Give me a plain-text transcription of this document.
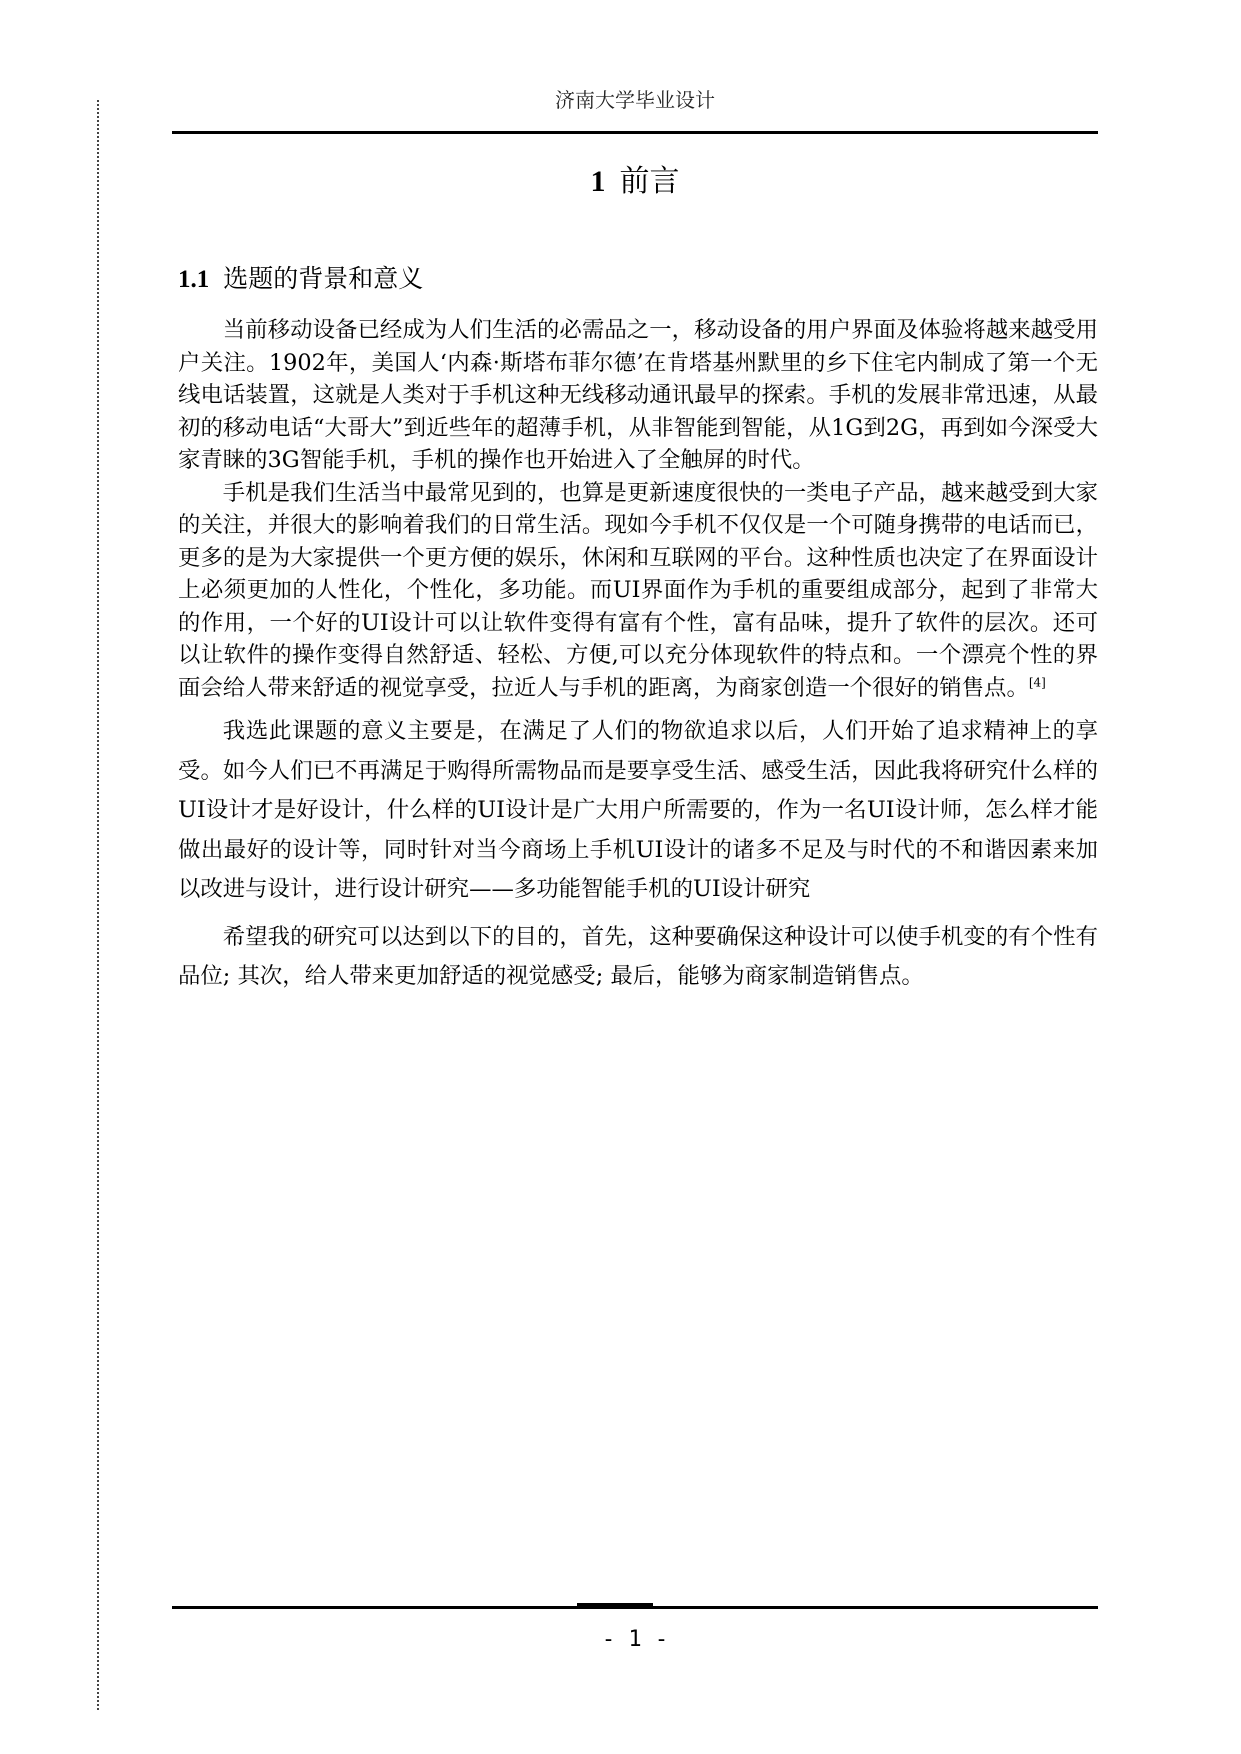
济南大学毕业设计
1 前言
1.1 选题的背景和意义

当前移动设备已经成为人们生活的必需品之一，移动设备的用户界面及体验将越来越受用户关注。1902年，美国人‘内森·斯塔布菲尔德’在肯塔基州默里的乡下住宅内制成了第一个无线电话装置，这就是人类对于手机这种无线移动通讯最早的探索。手机的发展非常迅速，从最初的移动电话“大哥大”到近些年的超薄手机，从非智能到智能，从1G到2G，再到如今深受大家青睐的3G智能手机，手机的操作也开始进入了全触屏的时代。

手机是我们生活当中最常见到的，也算是更新速度很快的一类电子产品，越来越受到大家的关注，并很大的影响着我们的日常生活。现如今手机不仅仅是一个可随身携带的电话而已，更多的是为大家提供一个更方便的娱乐，休闲和互联网的平台。这种性质也决定了在界面设计上必须更加的人性化，个性化，多功能。而UI界面作为手机的重要组成部分，起到了非常大的作用，一个好的UI设计可以让软件变得有富有个性，富有品味，提升了软件的层次。还可以让软件的操作变得自然舒适、轻松、方便,可以充分体现软件的特点和。一个漂亮个性的界面会给人带来舒适的视觉享受，拉近人与手机的距离，为商家创造一个很好的销售点。[4]

我选此课题的意义主要是，在满足了人们的物欲追求以后，人们开始了追求精神上的享受。如今人们已不再满足于购得所需物品而是要享受生活、感受生活，因此我将研究什么样的UI设计才是好设计，什么样的UI设计是广大用户所需要的，作为一名UI设计师，怎么样才能做出最好的设计等，同时针对当今商场上手机UI设计的诸多不足及与时代的不和谐因素来加以改进与设计，进行设计研究——多功能智能手机的UI设计研究

希望我的研究可以达到以下的目的，首先，这种要确保这种设计可以使手机变的有个性有品位; 其次，给人带来更加舒适的视觉感受; 最后，能够为商家制造销售点。

- 1 -
